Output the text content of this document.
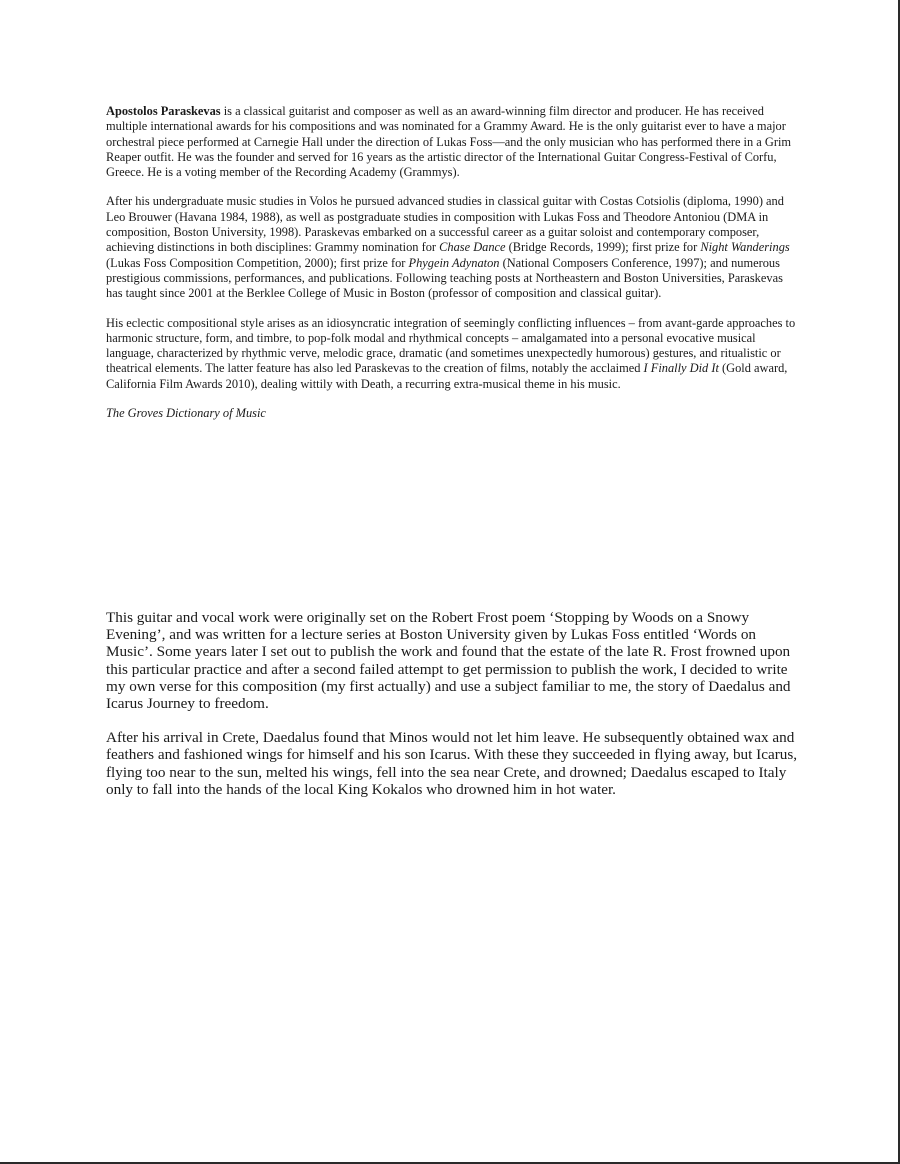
Apostolos Paraskevas is a classical guitarist and composer as well as an award-winning film director and producer. He has received multiple international awards for his compositions and was nominated for a Grammy Award. He is the only guitarist ever to have a major orchestral piece performed at Carnegie Hall under the direction of Lukas Foss—and the only musician who has performed there in a Grim Reaper outfit. He was the founder and served for 16 years as the artistic director of the International Guitar Congress-Festival of Corfu, Greece. He is a voting member of the Recording Academy (Grammys).

After his undergraduate music studies in Volos he pursued advanced studies in classical guitar with Costas Cotsiolis (diploma, 1990) and Leo Brouwer (Havana 1984, 1988), as well as postgraduate studies in composition with Lukas Foss and Theodore Antoniou (DMA in composition, Boston University, 1998). Paraskevas embarked on a successful career as a guitar soloist and contemporary composer, achieving distinctions in both disciplines: Grammy nomination for Chase Dance (Bridge Records, 1999); first prize for Night Wanderings (Lukas Foss Composition Competition, 2000); first prize for Phygein Adynaton (National Composers Conference, 1997); and numerous prestigious commissions, performances, and publications. Following teaching posts at Northeastern and Boston Universities, Paraskevas has taught since 2001 at the Berklee College of Music in Boston (professor of composition and classical guitar).

His eclectic compositional style arises as an idiosyncratic integration of seemingly conflicting influences – from avant-garde approaches to harmonic structure, form, and timbre, to pop-folk modal and rhythmical concepts – amalgamated into a personal evocative musical language, characterized by rhythmic verve, melodic grace, dramatic (and sometimes unexpectedly humorous) gestures, and ritualistic or theatrical elements. The latter feature has also led Paraskevas to the creation of films, notably the acclaimed I Finally Did It (Gold award, California Film Awards 2010), dealing wittily with Death, a recurring extra-musical theme in his music.

The Groves Dictionary of Music

This guitar and vocal work were originally set on the Robert Frost poem ‘Stopping by Woods on a Snowy Evening’, and was written for a lecture series at Boston University given by Lukas Foss entitled ‘Words on Music’. Some years later I set out to publish the work and found that the estate of the late R. Frost frowned upon this particular practice and after a second failed attempt to get permission to publish the work, I decided to write my own verse for this composition (my first actually) and use a subject familiar to me, the story of Daedalus and Icarus Journey to freedom.

After his arrival in Crete, Daedalus found that Minos would not let him leave. He subsequently obtained wax and feathers and fashioned wings for himself and his son Icarus. With these they succeeded in flying away, but Icarus, flying too near to the sun, melted his wings, fell into the sea near Crete, and drowned; Daedalus escaped to Italy only to fall into the hands of the local King Kokalos who drowned him in hot water.
